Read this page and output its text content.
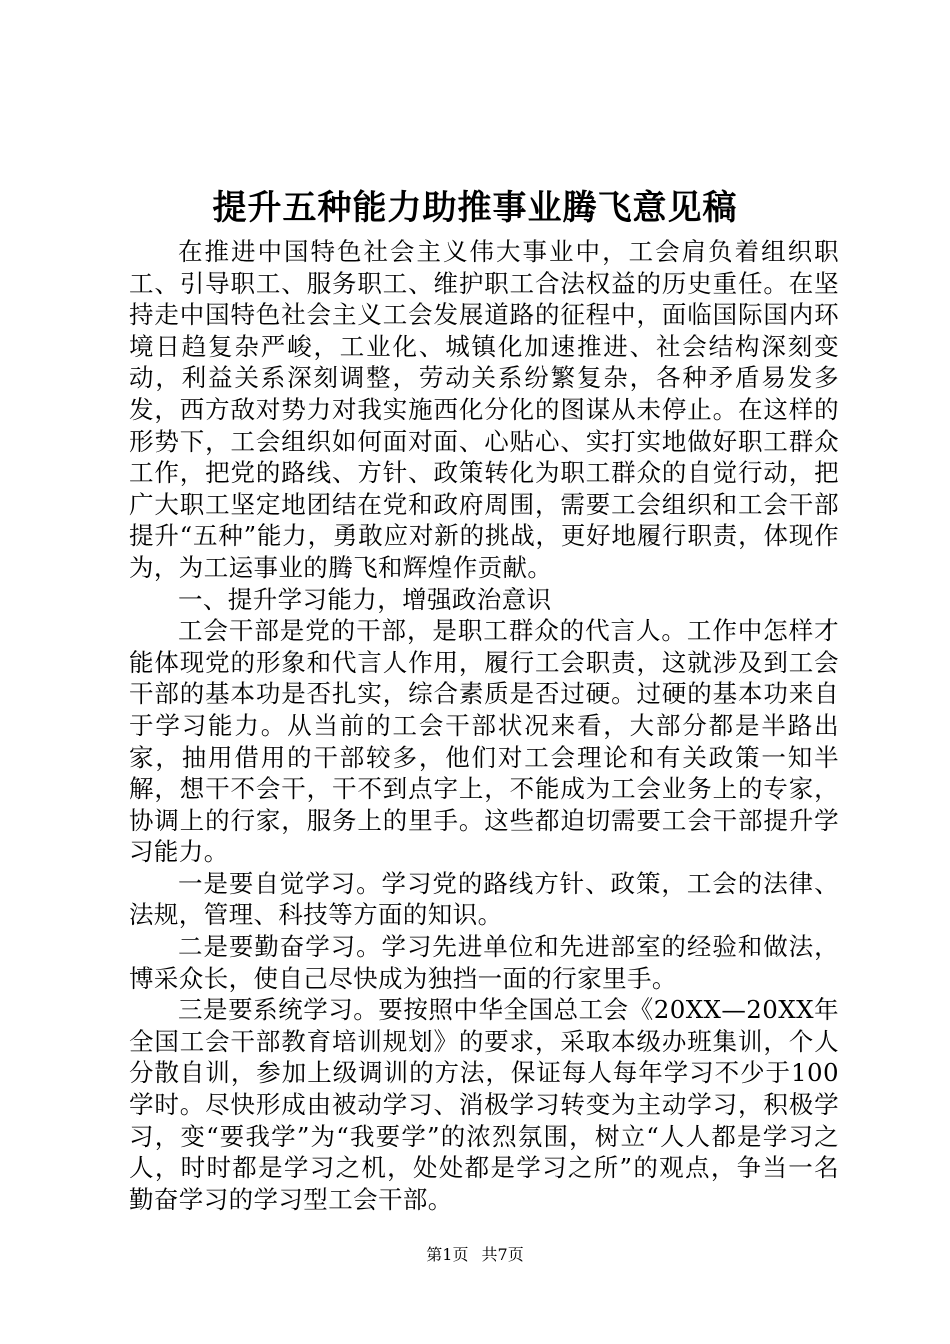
提升五种能力助推事业腾飞意见稿

在推进中国特色社会主义伟大事业中，工会肩负着组织职工、引导职工、服务职工、维护职工合法权益的历史重任。在坚持走中国特色社会主义工会发展道路的征程中，面临国际国内环境日趋复杂严峻，工业化、城镇化加速推进、社会结构深刻变动，利益关系深刻调整，劳动关系纷繁复杂，各种矛盾易发多发，西方敌对势力对我实施西化分化的图谋从未停止。在这样的形势下，工会组织如何面对面、心贴心、实打实地做好职工群众工作，把党的路线、方针、政策转化为职工群众的自觉行动，把广大职工坚定地团结在党和政府周围，需要工会组织和工会干部提升“五种”能力，勇敢应对新的挑战，更好地履行职责，体现作为，为工运事业的腾飞和辉煌作贡献。

一、提升学习能力，增强政治意识

工会干部是党的干部，是职工群众的代言人。工作中怎样才能体现党的形象和代言人作用，履行工会职责，这就涉及到工会干部的基本功是否扎实，综合素质是否过硬。过硬的基本功来自于学习能力。从当前的工会干部状况来看，大部分都是半路出家，抽用借用的干部较多，他们对工会理论和有关政策一知半解，想干不会干，干不到点字上，不能成为工会业务上的专家，协调上的行家，服务上的里手。这些都迫切需要工会干部提升学习能力。

一是要自觉学习。学习党的路线方针、政策，工会的法律、法规，管理、科技等方面的知识。

二是要勤奋学习。学习先进单位和先进部室的经验和做法，博采众长，使自己尽快成为独挡一面的行家里手。

三是要系统学习。要按照中华全国总工会《20XX—20XX年全国工会干部教育培训规划》的要求，采取本级办班集训，个人分散自训，参加上级调训的方法，保证每人每年学习不少于100学时。尽快形成由被动学习、消极学习转变为主动学习，积极学习，变“要我学”为“我要学”的浓烈氛围，树立“人人都是学习之人，时时都是学习之机，处处都是学习之所”的观点，争当一名勤奋学习的学习型工会干部。

第1页 共7页
